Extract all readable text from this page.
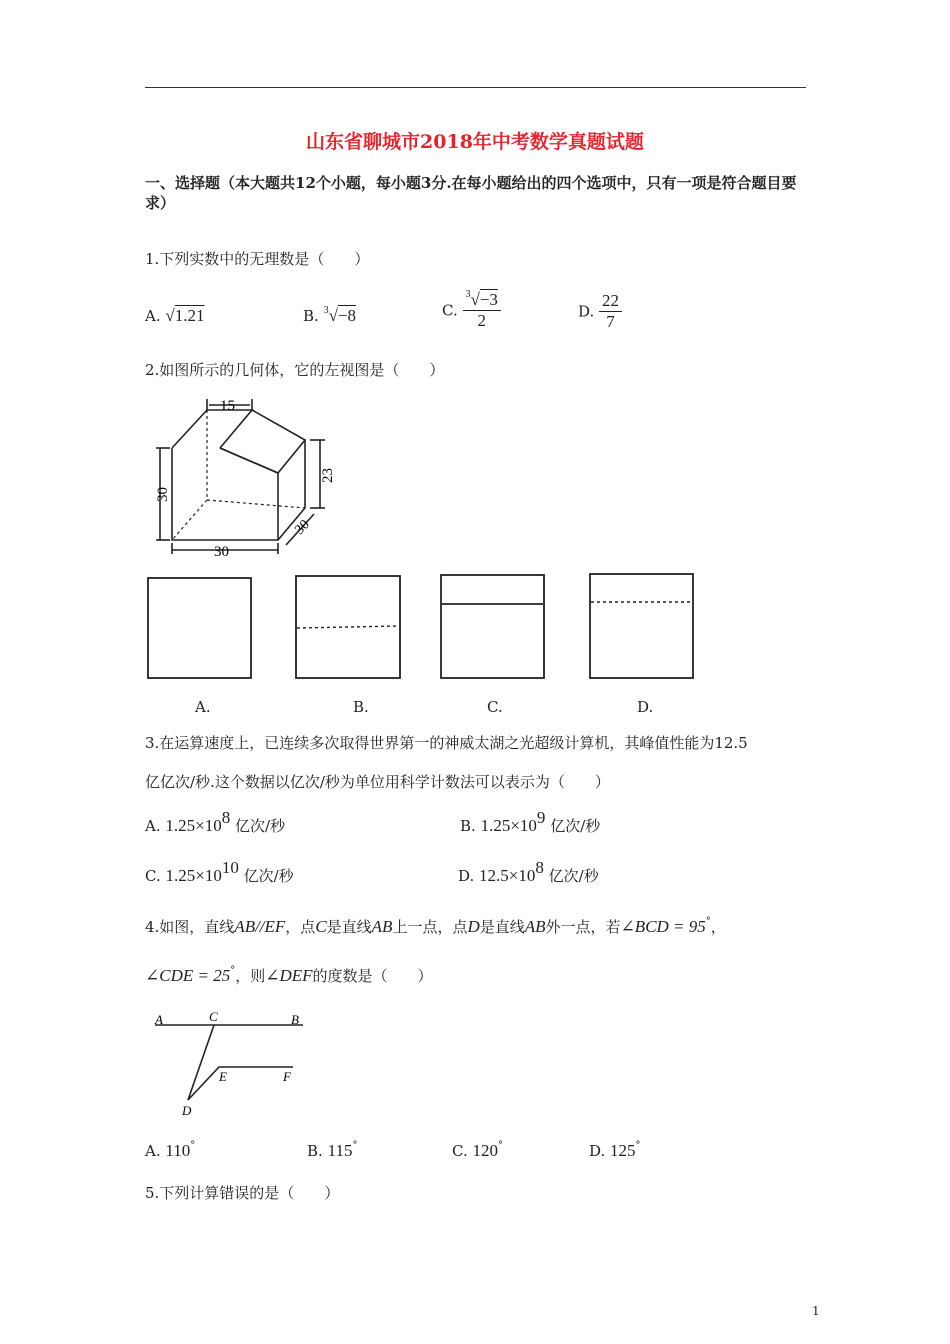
山东省聊城市2018年中考数学真题试题
一、选择题（本大题共12个小题，每小题3分.在每小题给出的四个选项中，只有一项是符合题目要求）
1.下列实数中的无理数是（　　）
A. √1.21	B. $^3$√−8	C. $\frac{^3√-3}{2}$	D. $\frac{22}{7}$
2.如图所示的几何体，它的左视图是（　　）
15
30
23
30
30
A.	B.	C.	D.
3.在运算速度上，已连续多次取得世界第一的神威太湖之光超级计算机，其峰值性能为12.5
亿亿次/秒.这个数据以亿次/秒为单位用科学计数法可以表示为（　　）
A. $1.25\times 10^8$ 亿次/秒	B. $1.25\times 10^9$ 亿次/秒
C. $1.25\times 10^{10}$ 亿次/秒	D. $12.5\times 10^8$ 亿次/秒
4.如图，直线AB//EF，点C是直线AB上一点，点D是直线AB外一点，若∠BCD = 95°，
∠CDE = 25°，则∠DEF的度数是（　　）
A	C	B
E	F
D
A. 110°	B. 115°	C. 120°	D. 125°
5.下列计算错误的是（　　）
1
